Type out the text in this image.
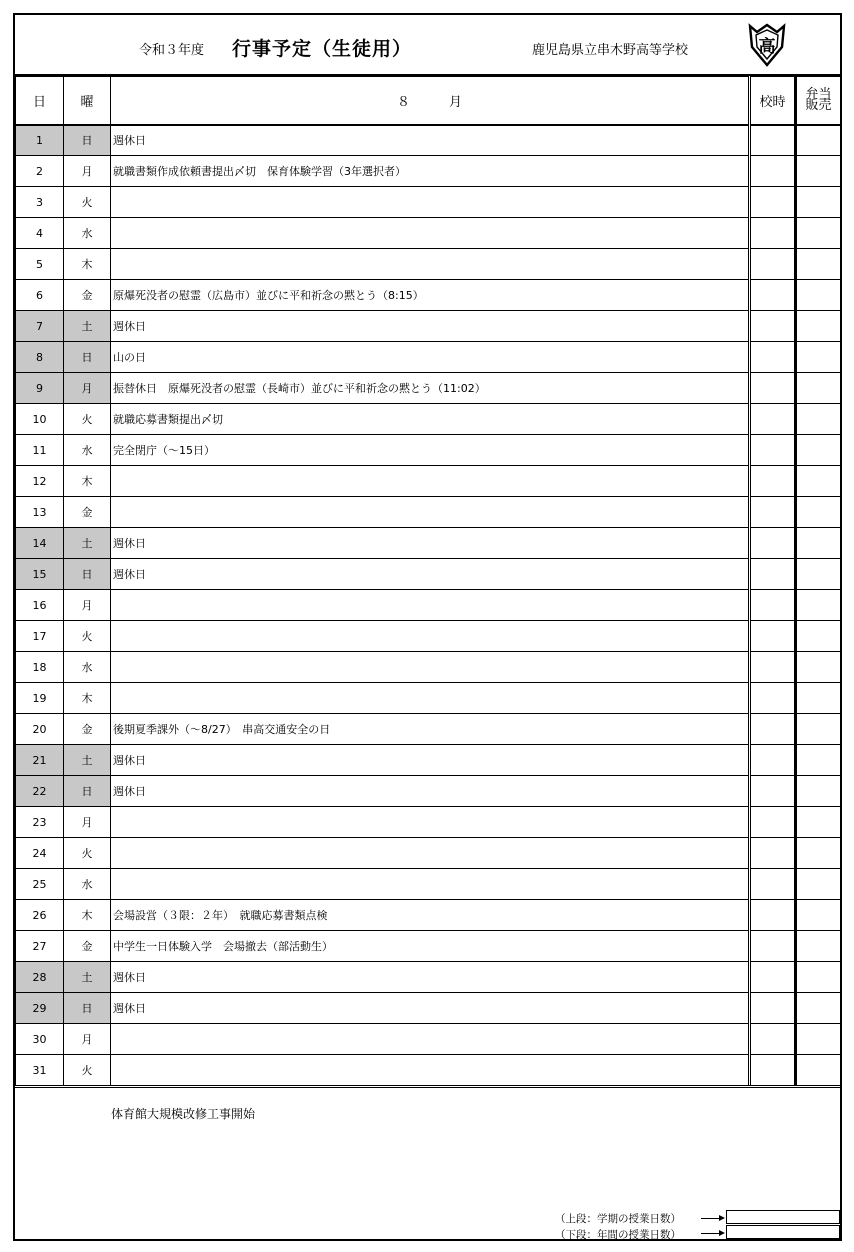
令和３年度 行事予定（生徒用）	鹿児島県立串木野高等学校	高
日	曜	８　　　月	校時	弁当販売
1	日	週休日		
2	月	就職書類作成依頼書提出〆切　保育体験学習（3年選択者）		
3	火			
4	水			
5	木			
6	金	原爆死没者の慰霊（広島市）並びに平和祈念の黙とう（8:15）		
7	土	週休日		
8	日	山の日		
9	月	振替休日　原爆死没者の慰霊（長崎市）並びに平和祈念の黙とう（11:02）		
10	火	就職応募書類提出〆切		
11	水	完全閉庁（～15日）		
12	木			
13	金			
14	土	週休日		
15	日	週休日		
16	月			
17	火			
18	水			
19	木			
20	金	後期夏季課外（～8/27）　串高交通安全の日		
21	土	週休日		
22	日	週休日		
23	月			
24	火			
25	水			
26	木	会場設営（３限：２年）　就職応募書類点検		
27	金	中学生一日体験入学　会場撤去（部活動生）		
28	土	週休日		
29	日	週休日		
30	月			
31	火			
体育館大規模改修工事開始
（上段：学期の授業日数）
（下段：年間の授業日数）
